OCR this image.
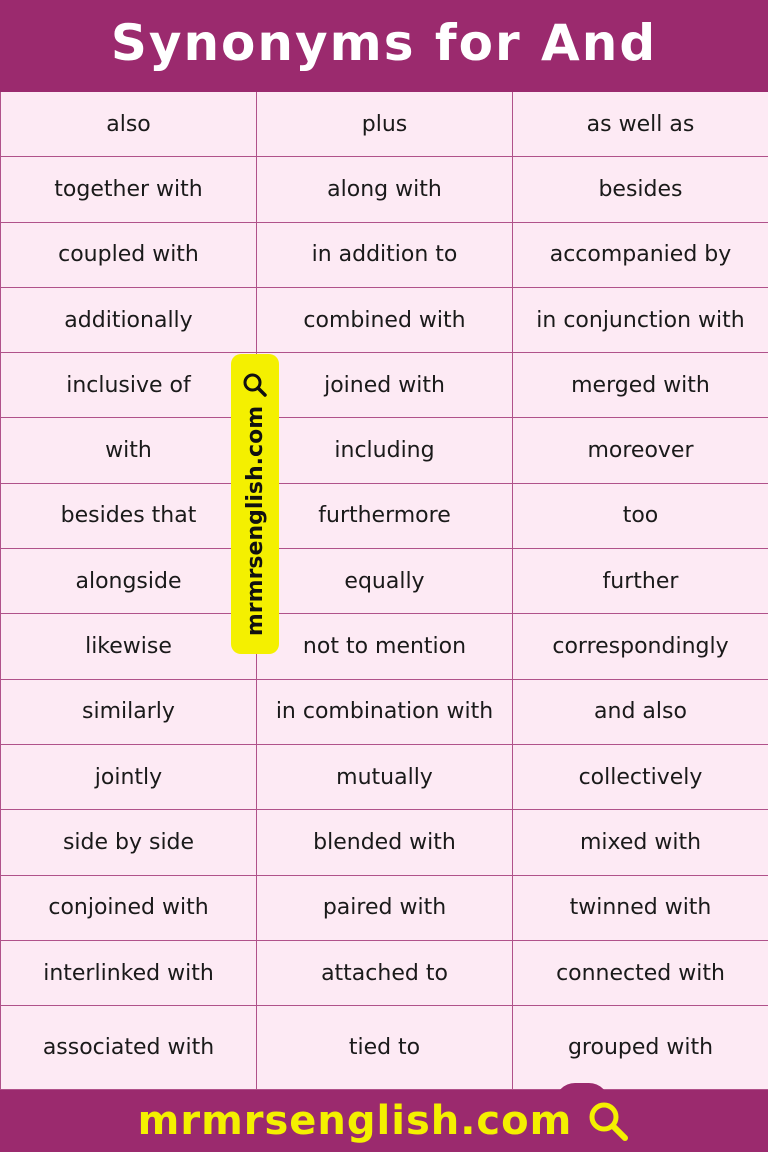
Synonyms for And
also	plus	as well as
together with	along with	besides
coupled with	in addition to	accompanied by
additionally	combined with	in conjunction with
inclusive of	joined with	merged with
with	including	moreover
besides that	furthermore	too
alongside	equally	further
likewise	not to mention	correspondingly
similarly	in combination with	and also
jointly	mutually	collectively
side by side	blended with	mixed with
conjoined with	paired with	twinned with
interlinked with	attached to	connected with
associated with	tied to	grouped with
mrmrsenglish.com
mrmrsenglish.com
